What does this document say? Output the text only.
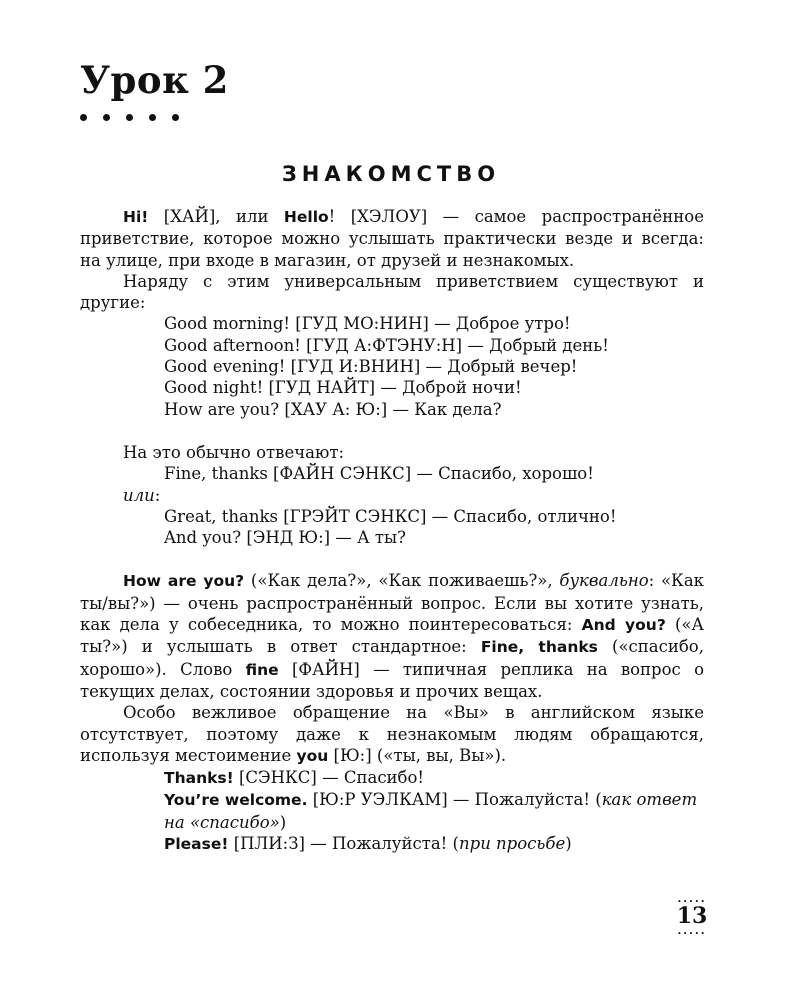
Урок 2
ЗНАКОМСТВО

Hi! [ХАЙ], или Hello! [ХЭЛОУ] — самое распространённое приветствие, которое можно услышать практически везде и всегда: на улице, при входе в магазин, от друзей и незнакомых.

Наряду с этим универсальным приветствием существуют и другие:

Good morning! [ГУД МО:НИН] — Доброе утро!

Good afternoon! [ГУД А:ФТЭНУ:Н] — Добрый день!

Good evening! [ГУД И:ВНИН] — Добрый вечер!

Good night! [ГУД НАЙТ] — Доброй ночи!

How are you? [ХАУ А: Ю:] — Как дела?

На это обычно отвечают:

Fine, thanks [ФАЙН СЭНКС] — Спасибо, хорошо!

или:

Great, thanks [ГРЭЙТ СЭНКС] — Спасибо, отлично!

And you? [ЭНД Ю:] — А ты?

How are you? («Как дела?», «Как поживаешь?», буквально: «Как ты/вы?») — очень распространённый вопрос. Если вы хотите узнать, как дела у собеседника, то можно поинтересоваться: And you? («А ты?») и услышать в ответ стандартное: Fine, thanks («спасибо, хорошо»). Слово fine [ФАЙН] — типичная реплика на вопрос о текущих делах, состоянии здоровья и прочих вещах.

Особо вежливое обращение на «Вы» в английском языке отсутствует, поэтому даже к незнакомым людям обращаются, используя местоимение you [Ю:] («ты, вы, Вы»).

Thanks! [СЭНКС] — Спасибо!

You’re welcome. [Ю:Р УЭЛКАМ] — Пожалуйста! (как ответ на «спасибо»)

Please! [ПЛИ:З] — Пожалуйста! (при просьбе)

.....
13
.....
